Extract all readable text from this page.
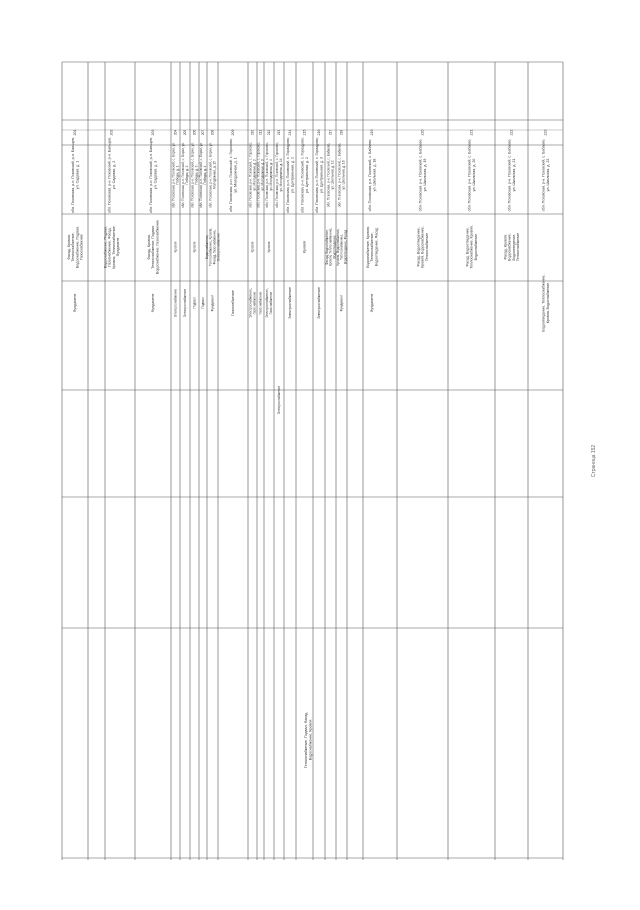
201
обл. Псковская, р-н. Псковский, р-н. Бальцев,ул. Садовая, д. 1
Фасад, Кровля,Теплоснабжение,Водоснабжение, Подвал,Газоснабжение
Фундамент
202
обл. Псковская, р-н. Псковский, р-н. Бальцев,ул. Садовая, д. 2
Водоснабжение, Подвал,Газоснабжение, Фасад,Кровля, Теплоснабжение,Фундамент
203
обл. Псковская, р-н. Псковский, р-н. Бальцев,ул. Садовая, д. 3
Фасад, Кровля,Теплоснабжение, Подвал,Водоснабжение, Газоснабжение
Фундамент
204
обл. Псковская, р-н. Псковский, с. Борки, ул.Победы, д. 1
Кровля
Электроснабжение
205
обл. Псковская, р-н. Псковский, с. Борки, ул.Победы, д. 2
Электроснабжение
206
обл. Псковская, р-н. Псковский, с. Борки, ул.Победы, д. 3
Кровля
Подвал
207
обл. Псковская, р-н. Псковский, с. Борки, ул.Победы, д. 4
Подвал
208
обл. Псковская, р-н. Псковский, с. Борки, ул.Молодежная, д. 15
Водоснабжение,Теплоснабжение, Кровля,Фасад, Газоснабжение,Электроснабжение
Фундамент
209
обл. Псковская, р-н. Псковский, с. Горохово,ул. Молодежная, д. 1
Газоснабжение
210
обл. Псковская, р-н. Псковский, с. Горохово,ул. Молодежная, д. 2
Кровля
Электроснабжение,Газоснабжение
211
обл. Псковская, р-н. Псковский, с. Горохово,ул. Молодежная, д. 3
Газоснабжение
212
обл. Псковская, р-н. Псковский, с. Горохово,ул. Молодежная, д. 4
Кровля
Электроснабжение,Газоснабжение
213
обл. Псковская, р-н. Псковский, с. Горохово,ул. Молодежная, д. 14
Электроснабжение
214
обл. Псковская, р-н. Псковский, с. Гораздово,ул. Центральная, д. 1
Электроснабжение
215
обл. Псковская, р-н. Псковский, с. Гораздово,ул. Центральная, д. 2
Кровля
216
обл. Псковская, р-н. Псковский, с. Гораздово,ул. Центральная, д. 3
Электроснабжение
217
обл. Псковская, р-н. Псковский, с. Бабаево,ул. Школьная, д. 12
Фасад, Водоснабжение,Кровля, Теплоснабжение,Водоотведение
218
обл. Псковская, р-н. Псковский, с. Бабаево,ул. Школьная, д. 16
Кровля, Водоснабжение,Теплоснабжение,Водоотведение, Фасад
Фундамент
219
обл. Псковская, р-н. Псковский, с. Бабаево,ул. Школьная, д. 18
Водоснабжение, Кровля,Теплоснабжение,Водоотведение, Фасад
Фундамент
220
обл. Псковская, р-н. Псковский, с. Бабаево,ул. Школьная, д. 19
Фасад, Водоотведение,Кровля, Водоснабжение,Теплоснабжение
221
обл. Псковская, р-н. Псковский, с. Бабаево,ул. Школьная, д. 20
Фасад, Водоотведение,Теплоснабжение, Кровля,Водоснабжение
222
обл. Псковская, р-н. Псковский, с. Бабаево,ул. Школьная, д. 21
Фасад, Кровля,Водоснабжение,Водоотведение,Теплоснабжение
223
обл. Псковская, р-н. Псковский, с. Бабаево,ул. Школьная, д. 23
Водоотведение, Теплоснабжение,Кровля, Водоснабжение
Теплоснабжение, Подвал, Фасад,Водоснабжение, Кровля
Страница 152
